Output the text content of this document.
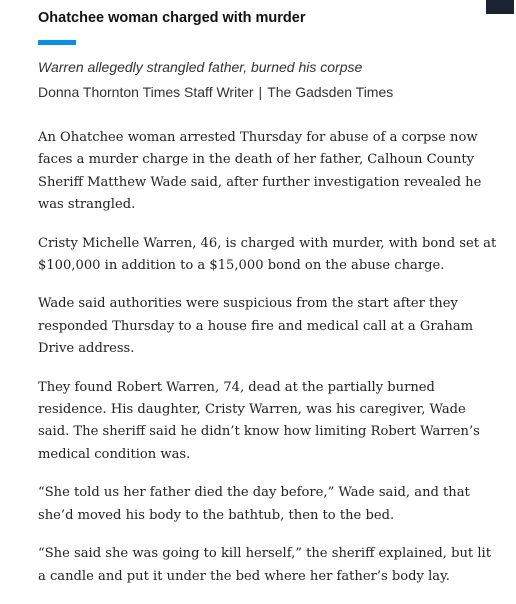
Ohatchee woman charged with murder

Warren allegedly strangled father, burned his corpse

Donna Thornton Times Staff Writer | The Gadsden Times

An Ohatchee woman arrested Thursday for abuse of a corpse now faces a murder charge in the death of her father, Calhoun County Sheriff Matthew Wade said, after further investigation revealed he was strangled.

Cristy Michelle Warren, 46, is charged with murder, with bond set at $100,000 in addition to a $15,000 bond on the abuse charge.

Wade said authorities were suspicious from the start after they responded Thursday to a house fire and medical call at a Graham Drive address.

They found Robert Warren, 74, dead at the partially burned residence. His daughter, Cristy Warren, was his caregiver, Wade said. The sheriff said he didn’t know how limiting Robert Warren’s medical condition was.

“She told us her father died the day before,” Wade said, and that she’d moved his body to the bathtub, then to the bed.

“She said she was going to kill herself,” the sheriff explained, but lit a candle and put it under the bed where her father’s body lay.
